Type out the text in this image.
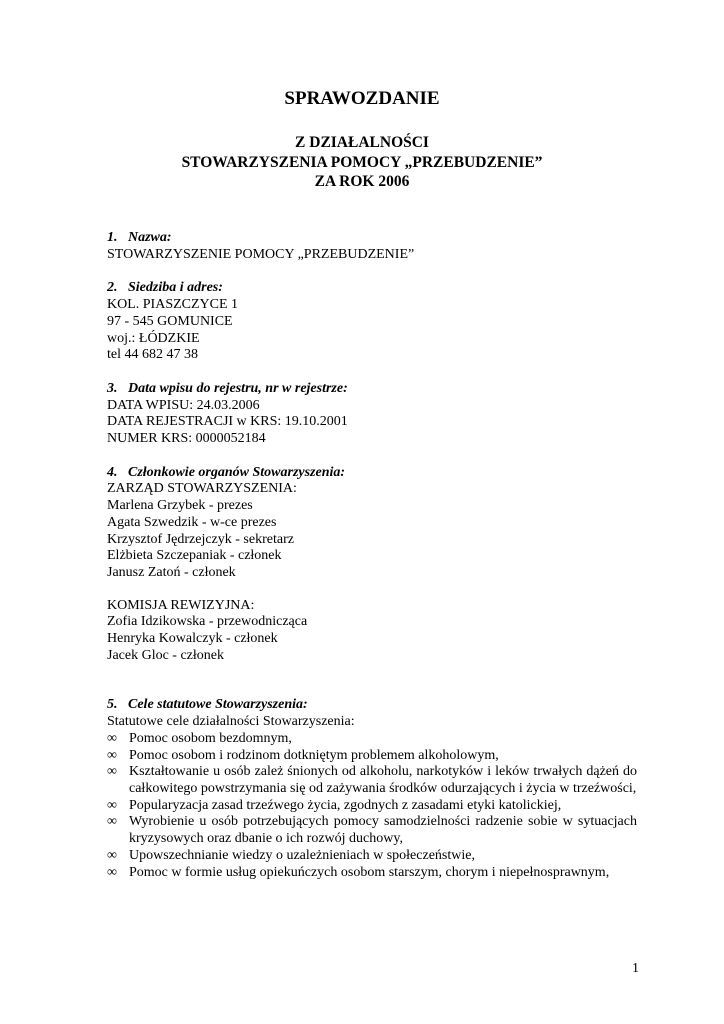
SPRAWOZDANIE
Z DZIAŁALNOŚCI
STOWARZYSZENIA POMOCY „PRZEBUDZENIE”
ZA ROK 2006
1. Nazwa:
STOWARZYSZENIE POMOCY „PRZEBUDZENIE”
2. Siedziba i adres:
KOL. PIASZCZYCE 1
97 - 545 GOMUNICE
woj.: ŁÓDZKIE
tel 44 682 47 38
3. Data wpisu do rejestru, nr w rejestrze:
DATA WPISU: 24.03.2006
DATA REJESTRACJI w KRS: 19.10.2001
NUMER KRS: 0000052184
4. Członkowie organów Stowarzyszenia:
ZARZĄD STOWARZYSZENIA:
Marlena Grzybek - prezes
Agata Szwedzik - w-ce prezes
Krzysztof Jędrzejczyk - sekretarz
Elżbieta Szczepaniak - członek
Janusz Zatoń - członek
KOMISJA REWIZYJNA:
Zofia Idzikowska - przewodnicząca
Henryka Kowalczyk - członek
Jacek Gloc - członek
5. Cele statutowe Stowarzyszenia:
Statutowe cele działalności Stowarzyszenia:
∞ Pomoc osobom bezdomnym,
∞ Pomoc osobom i rodzinom dotkniętym problemem alkoholowym,
∞ Kształtowanie u osób zależ śnionych od alkoholu, narkotyków i leków trwałych dążeń do całkowitego powstrzymania się od zażywania środków odurzających i życia w trzeźwości,
∞ Popularyzacja zasad trzeźwego życia, zgodnych z zasadami etyki katolickiej,
∞ Wyrobienie u osób potrzebujących pomocy samodzielności radzenie sobie w sytuacjach kryzysowych oraz dbanie o ich rozwój duchowy,
∞ Upowszechnianie wiedzy o uzależnieniach w społeczeństwie,
∞ Pomoc w formie usług opiekuńczych osobom starszym, chorym i niepełnosprawnym,
1
